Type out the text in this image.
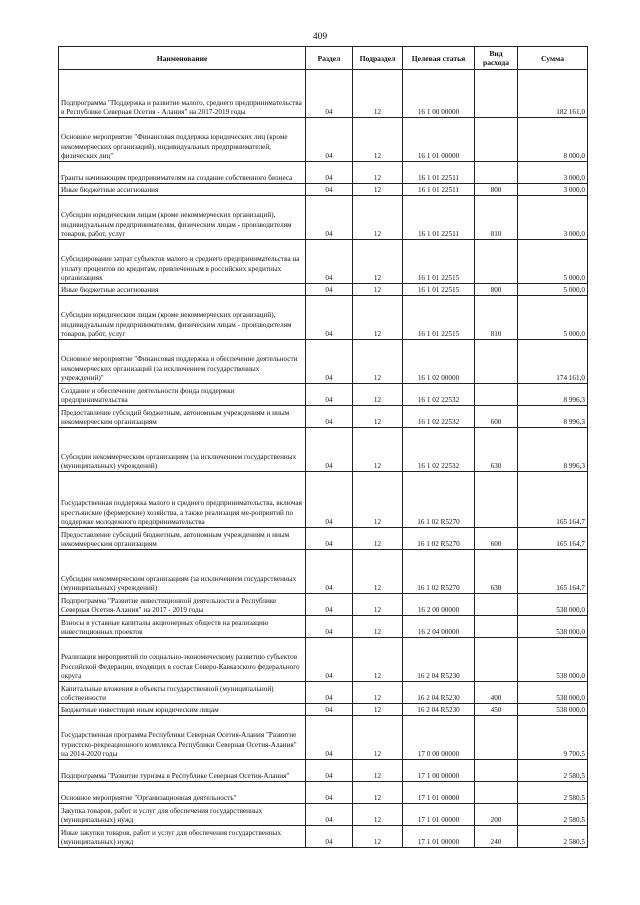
409
Наименование	Раздел	Подраздел	Целевая статья	Вид расхода	Сумма
Подпрограмма "Поддержка и развитие малого, среднего предпринимательства в Республике Северная Осетия - Алания" на 2017-2019 годы	04	12	16 1 00 00000		182 161,0
Основное мероприятие "Финансовая поддержка юридических лиц (кроме некоммерческих организаций), индивидуальных предпринимателей, физических лиц"	04	12	16 1 01 00000		8 000,0
Гранты начинающим предпринимателям на создание собственного бизнеса	04	12	16 1 01 22511		3 000,0
Иные бюджетные ассигнования	04	12	16 1 01 22511	800	3 000,0
Субсидии юридическим лицам (кроме некоммерческих организаций), индивидуальным предпринимателям, физическим лицам - производителям товаров, работ, услуг	04	12	16 1 01 22511	810	3 000,0
Субсидирование затрат субъектов малого и среднего предпринимательства на уплату процентов по кредитам, привлеченным в российских кредитных организациях	04	12	16 1 01 22515		5 000,0
Иные бюджетные ассигнования	04	12	16 1 01 22515	800	5 000,0
Субсидии юридическим лицам (кроме некоммерческих организаций), индивидуальным предпринимателям, физическим лицам - производителям товаров, работ, услуг	04	12	16 1 01 22515	810	5 000,0
Основное мероприятие "Финансовая поддержка и обеспечение деятельности некоммерческих организаций (за исключением государственных учреждений)"	04	12	16 1 02 00000		174 161,0
Создание и обеспечение деятельности фонда поддержки предпринимательства	04	12	16 1 02 22532		8 996,3
Предоставление субсидий бюджетным, автономным учреждениям и иным некоммерческим организациям	04	12	16 1 02 22532	600	8 996,3
Субсидии некоммерческим организациям (за исключением государственных (муниципальных) учреждений)	04	12	16 1 02 22532	630	8 996,3
Государственная поддержка малого и среднего предпринимательства, включая крестьянские (фермерские) хозяйства, а также реализация ме-роприятий по поддержке молодежного предпринимательства	04	12	16 1 02 R5270		165 164,7
Предоставление субсидий бюджетным, автономным учреждениям и иным некоммерческим организациям	04	12	16 1 02 R5270	600	165 164,7
Субсидии некоммерческим организациям (за исключением государственных (муниципальных) учреждений)	04	12	16 1 02 R5270	630	165 164,7
Подпрограмма "Развитие инвестиционной деятельности в Республике Северная Осетия-Алания" на 2017 - 2019 годы	04	12	16 2 00 00000		538 000,0
Взносы в уставные капиталы акционерных обществ на реализацию инвестиционных проектов	04	12	16 2 04 00000		538 000,0
Реализация мероприятий по социально-экономическому развитию субъектов Российской Федерации, входящих в состав Северо-Кавказского федерального округа	04	12	16 2 04 R5230		538 000,0
Капитальные вложения в объекты государственной (муниципальной) собственности	04	12	16 2 04 R5230	400	538 000,0
Бюджетные инвестиции иным юридическим лицам	04	12	16 2 04 R5230	450	538 000,0
Государственная программа Республики Северная Осетия-Алания "Развитие туристско-рекреационного комплекса Республики Северная Осетия-Алания" на 2014-2020 годы	04	12	17 0 00 00000		9 700,5
Подпрограмма "Развитие туризма в Республике Северная Осетия-Алания"	04	12	17 1 00 00000		2 580,5
Основное мероприятие "Организационная деятельность"	04	12	17 1 01 00000		2 580,5
Закупка товаров, работ и услуг для обеспечения государственных (муниципальных) нужд	04	12	17 1 01 00000	200	2 580,5
Иные закупки товаров, работ и услуг для обеспечения государственных (муниципальных) нужд	04	12	17 1 01 00000	240	2 580,5
